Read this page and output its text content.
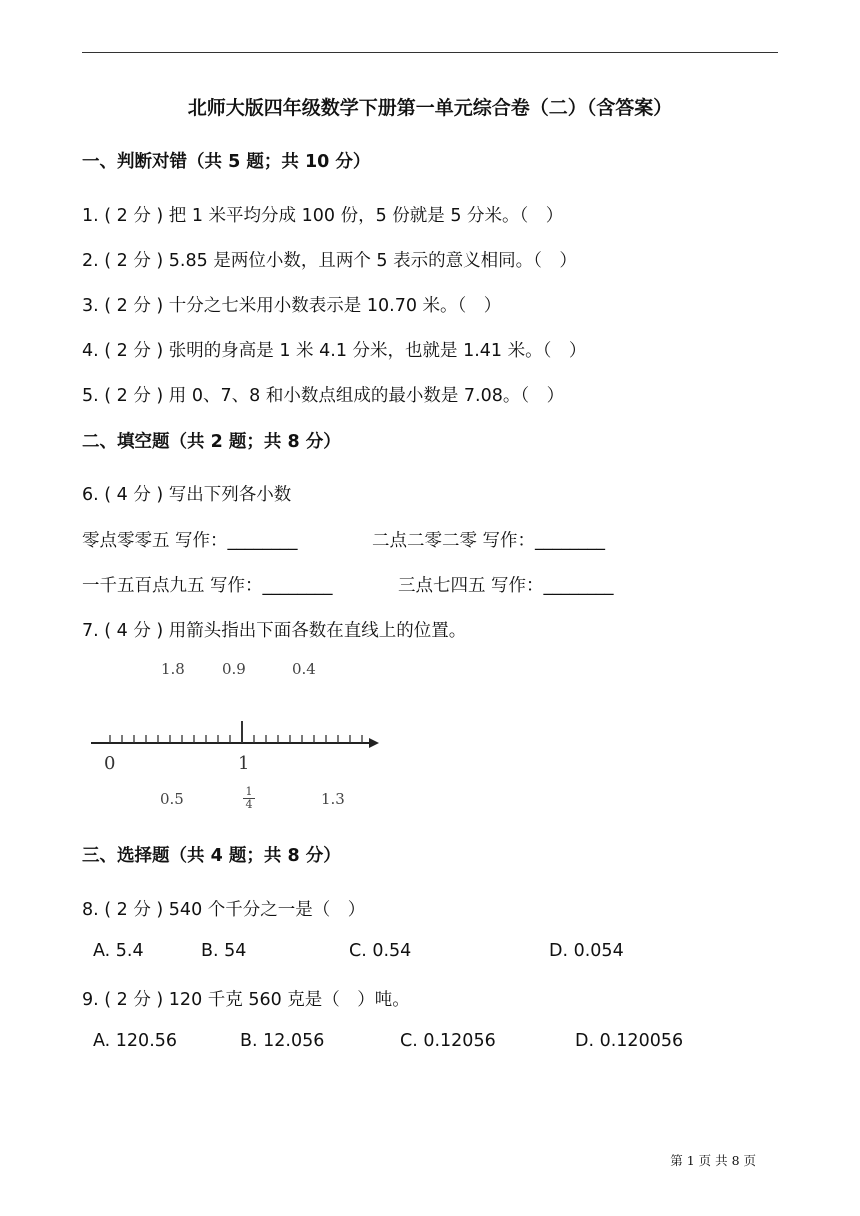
北师大版四年级数学下册第一单元综合卷（二）（含答案）
一、判断对错（共 5 题；共 10 分）
1. ( 2 分 ) 把 1 米平均分成 100 份，5 份就是 5 分米。（　）
2. ( 2 分 ) 5.85 是两位小数，且两个 5 表示的意义相同。（　）
3. ( 2 分 ) 十分之七米用小数表示是 10.70 米。（　）
4. ( 2 分 ) 张明的身高是 1 米 4.1 分米，也就是 1.41 米。（　）
5. ( 2 分 ) 用 0、7、8 和小数点组成的最小数是 7.08。（　）
二、填空题（共 2 题；共 8 分）
6. ( 4 分 ) 写出下列各小数
零点零零五 写作：________	二点二零二零 写作：________
一千五百点九五 写作：________	三点七四五 写作：________
7. ( 4 分 ) 用箭头指出下面各数在直线上的位置。
1.8 0.9	0.4
0	1
0.5	$\frac{1}{4}$	1.3
三、选择题（共 4 题；共 8 分）
8. ( 2 分 ) 540 个千分之一是（　）
A. 5.4	B. 54	C. 0.54	D. 0.054
9. ( 2 分 ) 120 千克 560 克是（　）吨。
A. 120.56	B. 12.056	C. 0.12056	D. 0.120056
第 1 页 共 8 页
